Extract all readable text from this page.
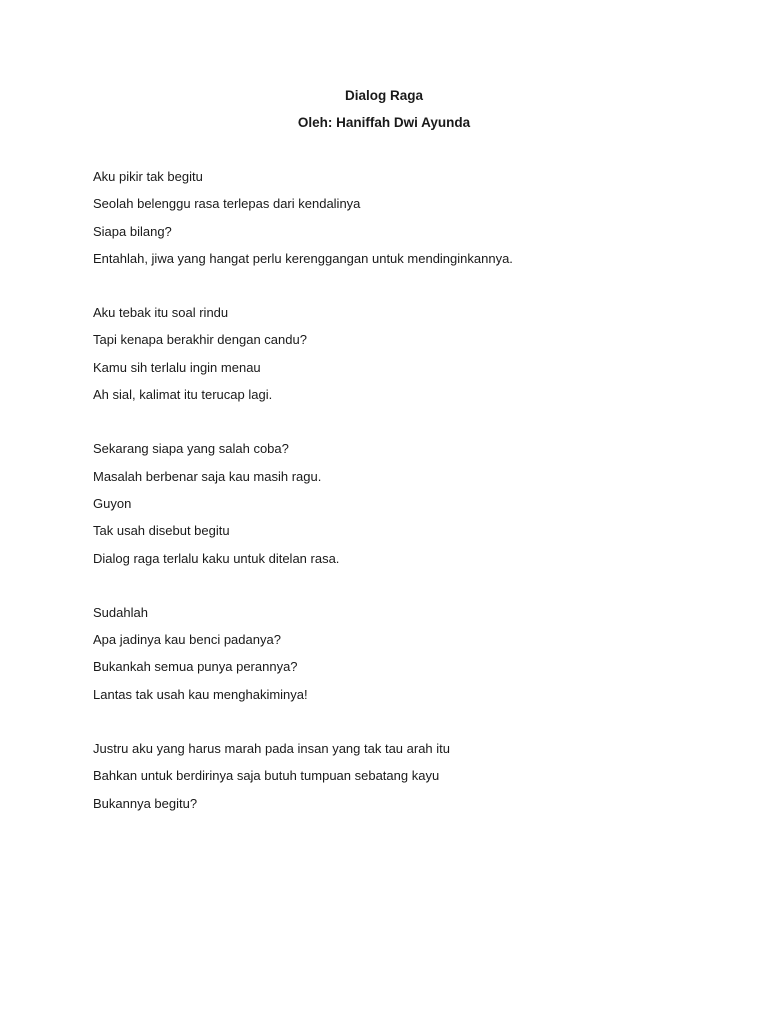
Dialog Raga
Oleh: Haniffah Dwi Ayunda
Aku pikir tak begitu
Seolah belenggu rasa terlepas dari kendalinya
Siapa bilang?
Entahlah, jiwa yang hangat perlu kerenggangan untuk mendinginkannya.
Aku tebak itu soal rindu
Tapi kenapa berakhir dengan candu?
Kamu sih terlalu ingin menau
Ah sial, kalimat itu terucap lagi.
Sekarang siapa yang salah coba?
Masalah berbenar saja kau masih ragu.
Guyon
Tak usah disebut begitu
Dialog raga terlalu kaku untuk ditelan rasa.
Sudahlah
Apa jadinya kau benci padanya?
Bukankah semua punya perannya?
Lantas tak usah kau menghakiminya!
Justru aku yang harus marah pada insan yang tak tau arah itu
Bahkan untuk berdirinya saja butuh tumpuan sebatang kayu
Bukannya begitu?
